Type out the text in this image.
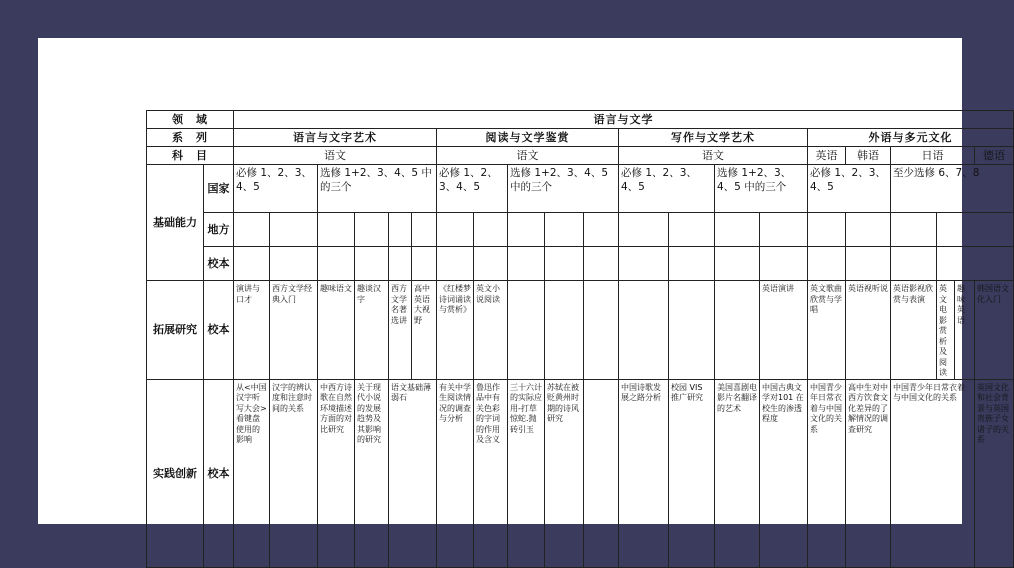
领　域		语言与文学																				
系　列		语言与文字艺术						阅读与文学鉴赏					写作与文学艺术				外语与多元文化					
科　目		语文						语文					语文				英语	韩语	日语			德语
基础能力	国家	必修 1、2、3、4、5		选修 1+2、3、4、5 中的三个				必修 1、2、3、4、5		选修 1+2、3、4、5 中的三个			必修 1、2、3、4、5		选修 1+2、3、4、5 中的三个		必修 1、2、3、4、5		至少选修 6、7、8			
	地方																					
	校本																					
拓展研究	校本	演讲与口才	西方文学经典入门	趣味语文	趣谈汉字	西方文学名著选讲	高中英语大视野	《红楼梦诗词诵读与赏析》	英文小说阅读							英语演讲	英文歌曲欣赏与学唱	英语视听说	英语影视欣赏与表演	英文电影赏析及阅读	趣味英语	韩国语文化入门
实践创新	校本	从<中国汉字听写大会>看键盘使用的影响	汉字的辨认度和注意时间的关系	中西方诗歌在自然环境描述方面的对比研究	关于现代小说的发展趋势及其影响的研究	语文基础薄弱石		有关中学生阅读情况的调查与分析	鲁迅作品中有关色彩的字词的作用及含义	三十六计的实际应用-打草惊蛇.抛砖引玉	苏轼在被贬黄州时期的诗风研究		中国诗歌发展之路分析	校园 VIS 推广研究	美国喜剧电影片名翻译的艺术	中国古典文学对101 在校生的渗透程度	中国青少年日常衣着与中国文化的关系	高中生对中西方饮食文化差异的了解情况的调查研究	中国青少年日常衣着与中国文化的关系			英国文化和社会背景与英国贵族子女诸子的关系
